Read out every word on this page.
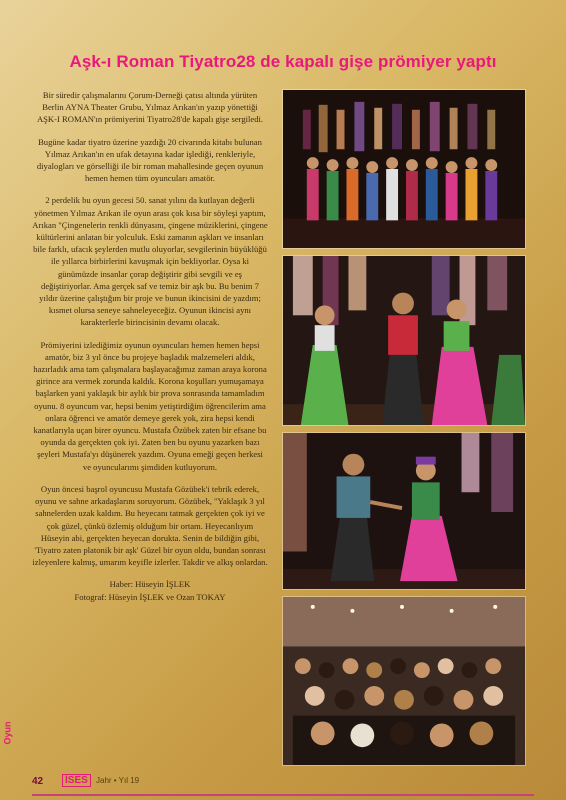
Aşk-ı Roman Tiyatro28 de kapalı gişe prömiyer yaptı

Bir süredir çalışmalarını Çorum-Derneği çatısı altında yürüten Berlin AYNA Theater Grubu, Yılmaz Arıkan'ın yazıp yönettiği AŞK-I ROMAN'ın prömiyerini Tiyatro28'de kapalı gişe sergiledi.

Bugüne kadar tiyatro üzerine yazdığı 20 civarında kitabı bulunan Yılmaz Arıkan'ın en ufak detayına kadar işlediği, renkleriyle, diyalogları ve görselliği ile bir roman mahallesinde geçen oyunun hemen hemen tüm oyuncuları amatör.

2 perdelik bu oyun gecesi 50. sanat yılını da kutlayan değerli yönetmen Yılmaz Arıkan ile oyun arası çok kısa bir söyleşi yaptım, Arıkan "Çingenelerin renkli dünyasını, çingene müziklerini, çingene kültürlerini anlatan bir yolculuk. Eski zamanın aşkları ve insanları bile farklı, ufacık şeylerden mutlu oluyorlar, sevgilerinin büyüklüğü ile yıllarca birbirlerini kavuşmak için bekliyorlar. Oysa ki günümüzde insanlar çorap değiştirir gibi sevgili ve eş değiştiriyorlar. Ama gerçek saf ve temiz bir aşk bu. Bu benim 7 yıldır üzerine çalıştığım bir proje ve bunun ikincisini de yazdım; kısmet olursa seneye sahneleyeceğiz. Oyunun ikincisi aynı karakterlerle birincisinin devamı olacak.

Prömiyerini izlediğimiz oyunun oyuncuları hemen hemen hepsi amatör, biz 3 yıl önce bu projeye başladık malzemeleri aldık, hazırladık ama tam çalışmalara başlayacağımız zaman araya korona girince ara vermek zorunda kaldık. Korona koşulları yumuşamaya başlarken yani yaklaşık bir aylık bir prova sonrasında tamamladım oyunu. 8 oyuncum var, hepsi benim yetiştirdiğim öğrencilerim ama onlara öğrenci ve amatör demeye gerek yok, zira hepsi kendi kanatlarıyla uçan birer oyuncu. Mustafa Özübek zaten bir efsane bu oyunda da gerçekten çok iyi. Zaten ben bu oyunu yazarken bazı şeyleri Mustafa'yı düşünerek yazdım. Oyuna emeği geçen herkesi ve oyuncularımı şimdiden kutluyorum.

Oyun öncesi başrol oyuncusu Mustafa Gözübek'i tebrik ederek, oyunu ve sahne arkadaşlarını soruyorum. Gözübek, "Yaklaşık 3 yıl sahnelerden uzak kaldım. Bu heyecanı tatmak gerçekten çok iyi ve çok güzel, çünkü özlemiş olduğum bir ortam. Heyecanlıyım Hüseyin abi, gerçekten heyecan dorukta. Senin de bildiğin gibi, 'Tiyatro zaten platonik bir aşk' Güzel bir oyun oldu, bundan sonrası izleyenlere kalmış, umarım keyifle izlerler. Takdir ve alkış onlardan.

Haber: Hüseyin İŞLEK
Fotograf: Hüseyin İŞLEK ve Ozan TOKAY
Oyun
42	İSES	Jahr • Yıl 19
